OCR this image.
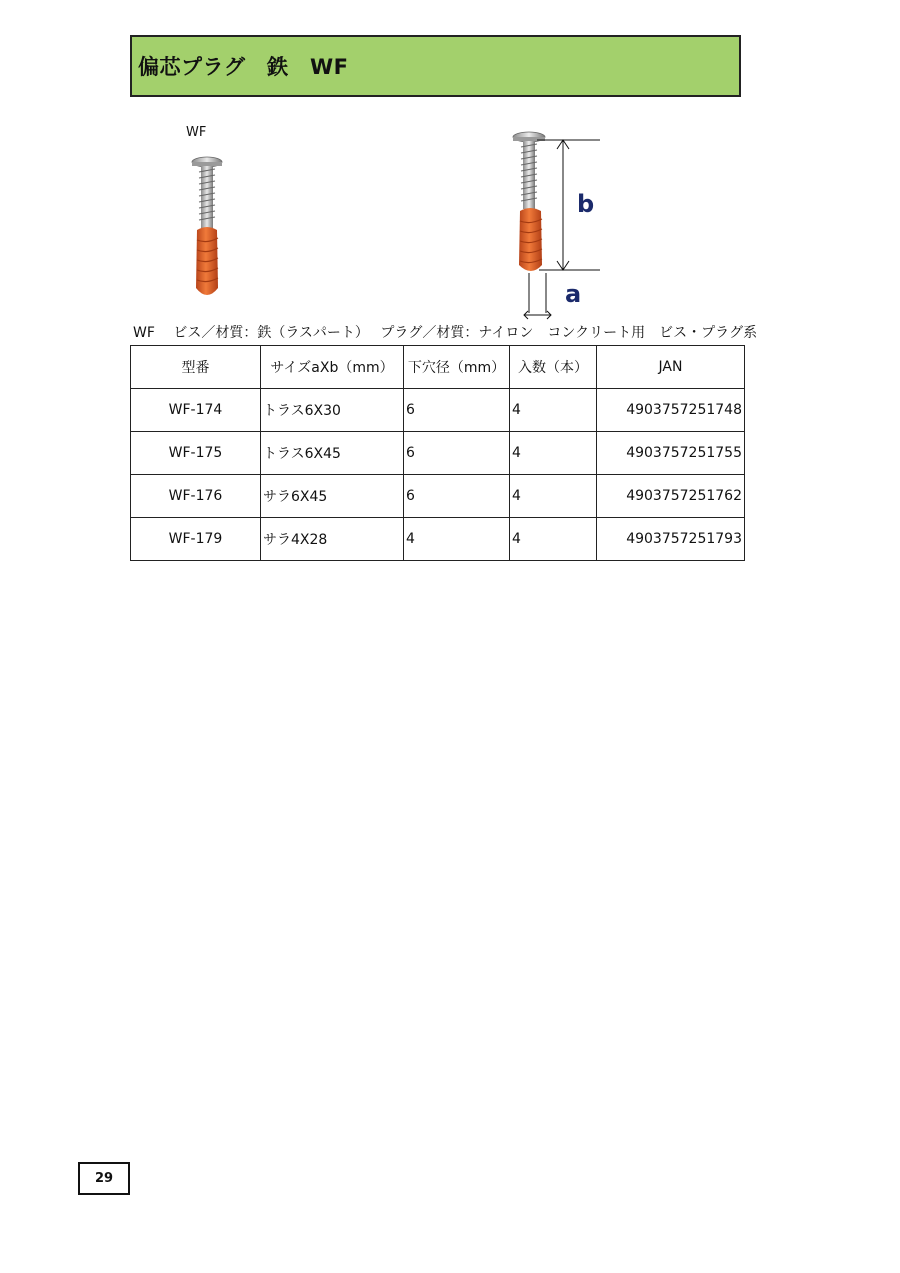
偏芯プラグ　鉄　WF
WF
b
a
WF　 ビス／材質：鉄（ラスパート）　 プラグ／材質：ナイロン　コンクリート用　ビス・プラグ系
型番	サイズaXb（mm）	下穴径（mm）	入数（本）	JAN
WF-174	トラス6X30	6	4	4903757251748
WF-175	トラス6X45	6	4	4903757251755
WF-176	サラ6X45	6	4	4903757251762
WF-179	サラ4X28	4	4	4903757251793
29
